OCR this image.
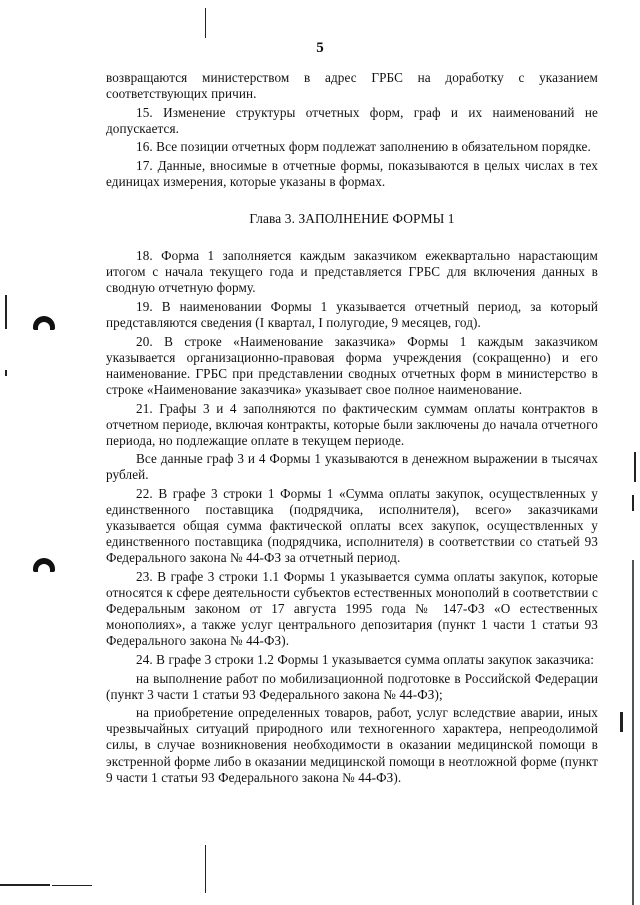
5

возвращаются министерством в адрес ГРБС на доработку с указанием соответствующих причин.

15. Изменение структуры отчетных форм, граф и их наименований не допускается.

16. Все позиции отчетных форм подлежат заполнению в обязательном порядке.

17. Данные, вносимые в отчетные формы, показываются в целых числах в тех единицах измерения, которые указаны в формах.

Глава 3. ЗАПОЛНЕНИЕ ФОРМЫ 1

18. Форма 1 заполняется каждым заказчиком ежеквартально нарастающим итогом с начала текущего года и представляется ГРБС для включения данных в сводную отчетную форму.

19. В наименовании Формы 1 указывается отчетный период, за который представляются сведения (I квартал, I полугодие, 9 месяцев, год).

20. В строке «Наименование заказчика» Формы 1 каждым заказчиком указывается организационно-правовая форма учреждения (сокращенно) и его наименование. ГРБС при представлении сводных отчетных форм в министерство в строке «Наименование заказчика» указывает свое полное наименование.

21. Графы 3 и 4 заполняются по фактическим суммам оплаты контрактов в отчетном периоде, включая контракты, которые были заключены до начала отчетного периода, но подлежащие оплате в текущем периоде.

Все данные граф 3 и 4 Формы 1 указываются в денежном выражении в тысячах рублей.

22. В графе 3 строки 1 Формы 1 «Сумма оплаты закупок, осуществленных у единственного поставщика (подрядчика, исполнителя), всего» заказчиками указывается общая сумма фактической оплаты всех закупок, осуществленных у единственного поставщика (подрядчика, исполнителя) в соответствии со статьей 93 Федерального закона № 44-ФЗ за отчетный период.

23. В графе 3 строки 1.1 Формы 1 указывается сумма оплаты закупок, которые относятся к сфере деятельности субъектов естественных монополий в соответствии с Федеральным законом от 17 августа 1995 года № 147-ФЗ «О естественных монополиях», а также услуг центрального депозитария (пункт 1 части 1 статьи 93 Федерального закона № 44-ФЗ).

24. В графе 3 строки 1.2 Формы 1 указывается сумма оплаты закупок заказчика:

на выполнение работ по мобилизационной подготовке в Российской Федерации (пункт 3 части 1 статьи 93 Федерального закона № 44-ФЗ);

на приобретение определенных товаров, работ, услуг вследствие аварии, иных чрезвычайных ситуаций природного или техногенного характера, непреодолимой силы, в случае возникновения необходимости в оказании медицинской помощи в экстренной форме либо в оказании медицинской помощи в неотложной форме (пункт 9 части 1 статьи 93 Федерального закона № 44-ФЗ).
